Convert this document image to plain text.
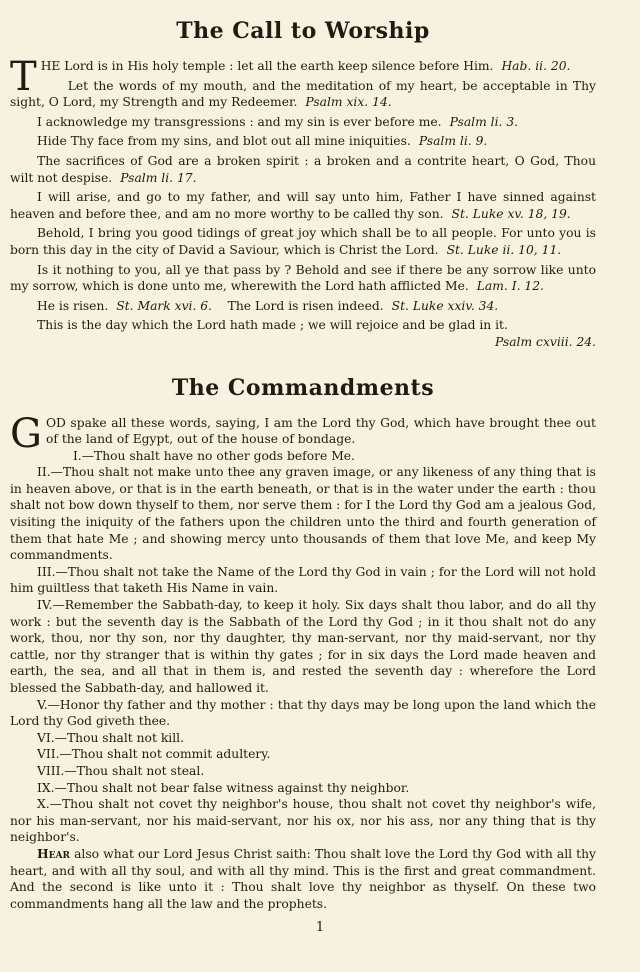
The Call to Worship

THE Lord is in His holy temple : let all the earth keep silence before Him. Hab. ii. 20.

Let the words of my mouth, and the meditation of my heart, be acceptable in Thy sight, O Lord, my Strength and my Redeemer. Psalm xix. 14.

I acknowledge my transgressions : and my sin is ever before me. Psalm li. 3.

Hide Thy face from my sins, and blot out all mine iniquities. Psalm li. 9.

The sacrifices of God are a broken spirit : a broken and a contrite heart, O God, Thou wilt not despise. Psalm li. 17.

I will arise, and go to my father, and will say unto him, Father I have sinned against heaven and before thee, and am no more worthy to be called thy son. St. Luke xv. 18, 19.

Behold, I bring you good tidings of great joy which shall be to all people. For unto you is born this day in the city of David a Saviour, which is Christ the Lord. St. Luke ii. 10, 11.

Is it nothing to you, all ye that pass by ? Behold and see if there be any sorrow like unto my sorrow, which is done unto me, wherewith the Lord hath afflicted Me. Lam. I. 12.

He is risen. St. Mark xvi. 6. The Lord is risen indeed. St. Luke xxiv. 34.

This is the day which the Lord hath made ; we will rejoice and be glad in it.
Psalm cxviii. 24.

The Commandments

GOD spake all these words, saying, I am the Lord thy God, which have brought thee out of the land of Egypt, out of the house of bondage.

I.—Thou shalt have no other gods before Me.

II.—Thou shalt not make unto thee any graven image, or any likeness of any thing that is in heaven above, or that is in the earth beneath, or that is in the water under the earth : thou shalt not bow down thyself to them, nor serve them : for I the Lord thy God am a jealous God, visiting the iniquity of the fathers upon the children unto the third and fourth generation of them that hate Me ; and showing mercy unto thousands of them that love Me, and keep My commandments.

III.—Thou shalt not take the Name of the Lord thy God in vain ; for the Lord will not hold him guiltless that taketh His Name in vain.

IV.—Remember the Sabbath-day, to keep it holy. Six days shalt thou labor, and do all thy work : but the seventh day is the Sabbath of the Lord thy God ; in it thou shalt not do any work, thou, nor thy son, nor thy daughter, thy man-servant, nor thy maid-servant, nor thy cattle, nor thy stranger that is within thy gates ; for in six days the Lord made heaven and earth, the sea, and all that in them is, and rested the seventh day : wherefore the Lord blessed the Sabbath-day, and hallowed it.

V.—Honor thy father and thy mother : that thy days may be long upon the land which the Lord thy God giveth thee.

VI.—Thou shalt not kill.

VII.—Thou shalt not commit adultery.

VIII.—Thou shalt not steal.

IX.—Thou shalt not bear false witness against thy neighbor.

X.—Thou shalt not covet thy neighbor's house, thou shalt not covet thy neighbor's wife, nor his man-servant, nor his maid-servant, nor his ox, nor his ass, nor any thing that is thy neighbor's.

Hear also what our Lord Jesus Christ saith: Thou shalt love the Lord thy God with all thy heart, and with all thy soul, and with all thy mind. This is the first and great commandment. And the second is like unto it : Thou shalt love thy neighbor as thyself. On these two commandments hang all the law and the prophets.

1
